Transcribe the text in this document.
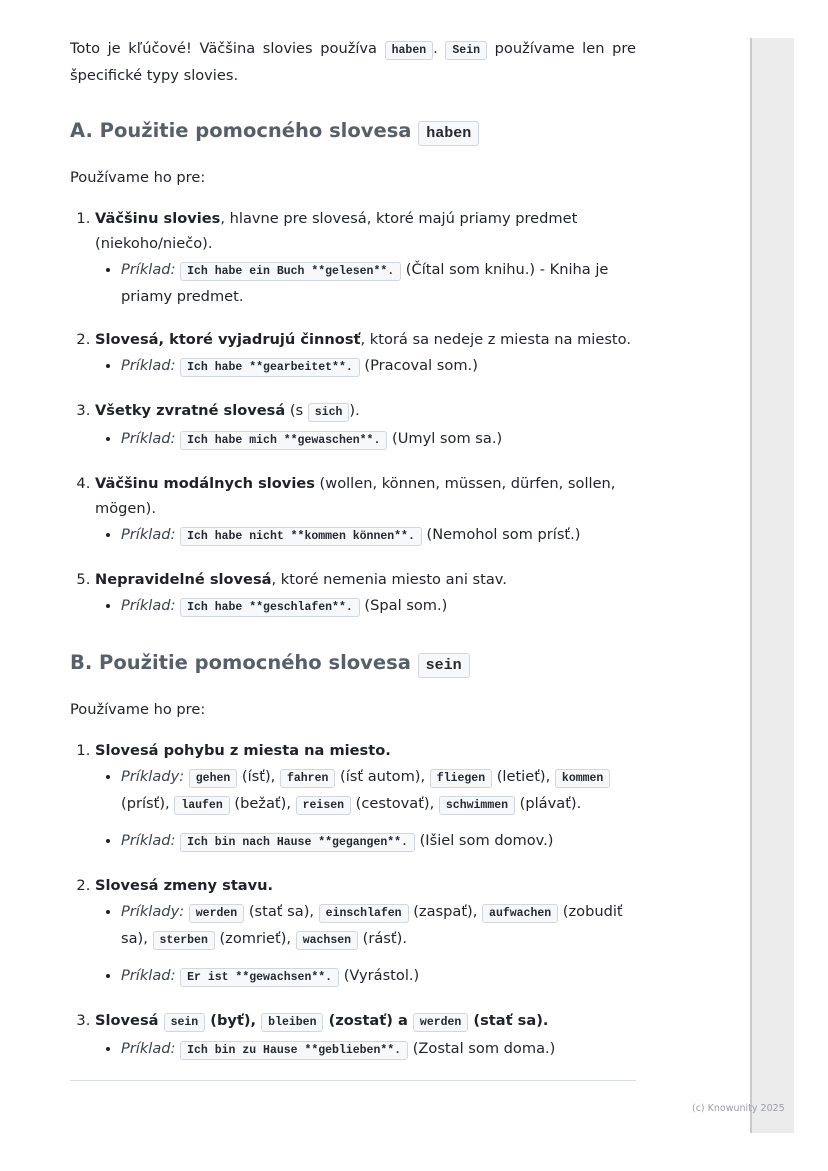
Toto je kľúčové! Väčšina slovies používa haben . Sein používame len pre špecifické typy slovies.

A. Použitie pomocného slovesa haben

Používame ho pre:

1. Väčšinu slovies, hlavne pre slovesá, ktoré majú priamy predmet (niekoho/niečo).
• Príklad: Ich habe ein Buch **gelesen**. (Čítal som knihu.) - Kniha je priamy predmet.
2. Slovesá, ktoré vyjadrujú činnosť, ktorá sa nedeje z miesta na miesto.
• Príklad: Ich habe **gearbeitet**. (Pracoval som.)
3. Všetky zvratné slovesá (s sich ).
• Príklad: Ich habe mich **gewaschen**. (Umyl som sa.)
4. Väčšinu modálnych slovies (wollen, können, müssen, dürfen, sollen, mögen).
• Príklad: Ich habe nicht **kommen können**. (Nemohol som prísť.)
5. Nepravidelné slovesá, ktoré nemenia miesto ani stav.
• Príklad: Ich habe **geschlafen**. (Spal som.)
B. Použitie pomocného slovesa sein

Používame ho pre:

1. Slovesá pohybu z miesta na miesto.
• Príklady: gehen (ísť), fahren (ísť autom), fliegen (letieť), kommen (prísť), laufen (bežať), reisen (cestovať), schwimmen (plávať).
• Príklad: Ich bin nach Hause **gegangen**. (Išiel som domov.)
2. Slovesá zmeny stavu.
• Príklady: werden (stať sa), einschlafen (zaspať), aufwachen (zobudiť sa), sterben (zomrieť), wachsen (rásť).
• Príklad: Er ist **gewachsen**. (Vyrástol.)
3. Slovesá sein (byť), bleiben (zostať) a werden (stať sa).
• Príklad: Ich bin zu Hause **geblieben**. (Zostal som doma.)
(c) Knowunity 2025
